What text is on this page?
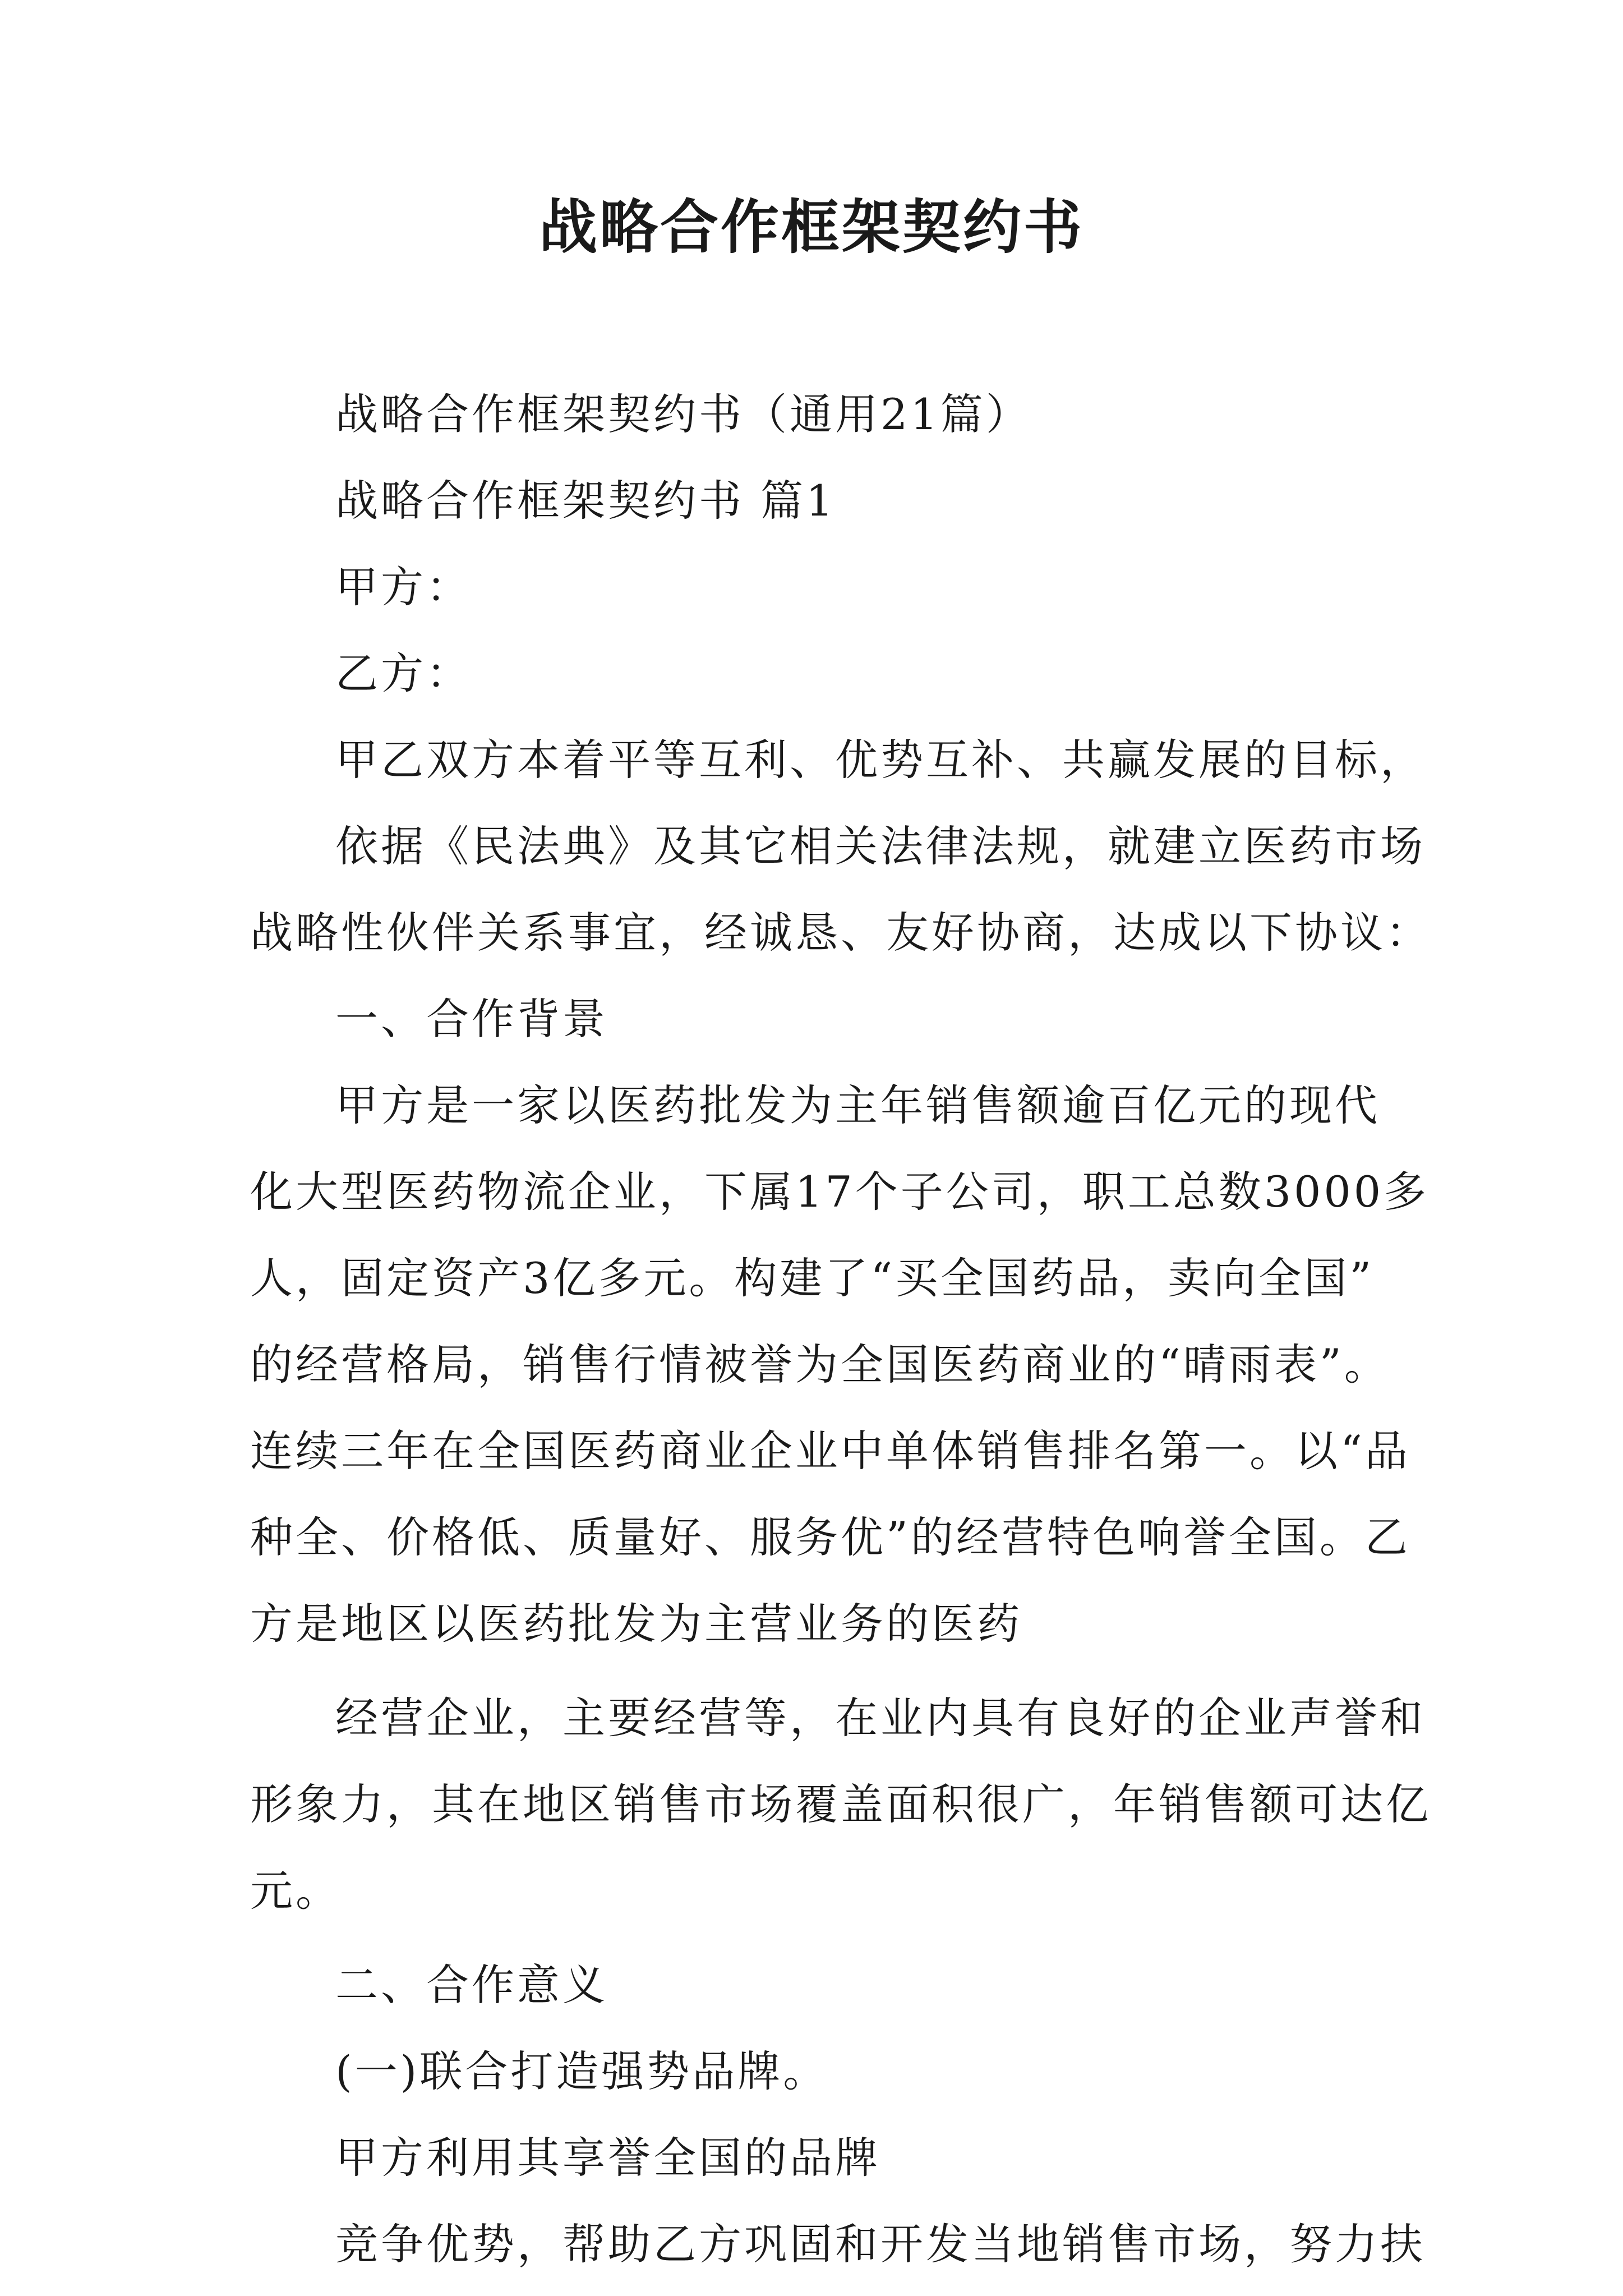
战略合作框架契约书
战略合作框架契约书（通用21篇）
战略合作框架契约书 篇1
甲方：
乙方：
甲乙双方本着平等互利、优势互补、共赢发展的目标，
依据《民法典》及其它相关法律法规，就建立医药市场
战略性伙伴关系事宜，经诚恳、友好协商，达成以下协议：
一、合作背景
甲方是一家以医药批发为主年销售额逾百亿元的现代
化大型医药物流企业，下属17个子公司，职工总数3000多
人，固定资产3亿多元。构建了“买全国药品，卖向全国”
的经营格局，销售行情被誉为全国医药商业的“晴雨表”。
连续三年在全国医药商业企业中单体销售排名第一。以“品
种全、价格低、质量好、服务优”的经营特色响誉全国。乙
方是地区以医药批发为主营业务的医药
经营企业，主要经营等，在业内具有良好的企业声誉和
形象力，其在地区销售市场覆盖面积很广，年销售额可达亿
元。
二、合作意义
(一)联合打造强势品牌。
甲方利用其享誉全国的品牌
竞争优势，帮助乙方巩固和开发当地销售市场，努力扶
